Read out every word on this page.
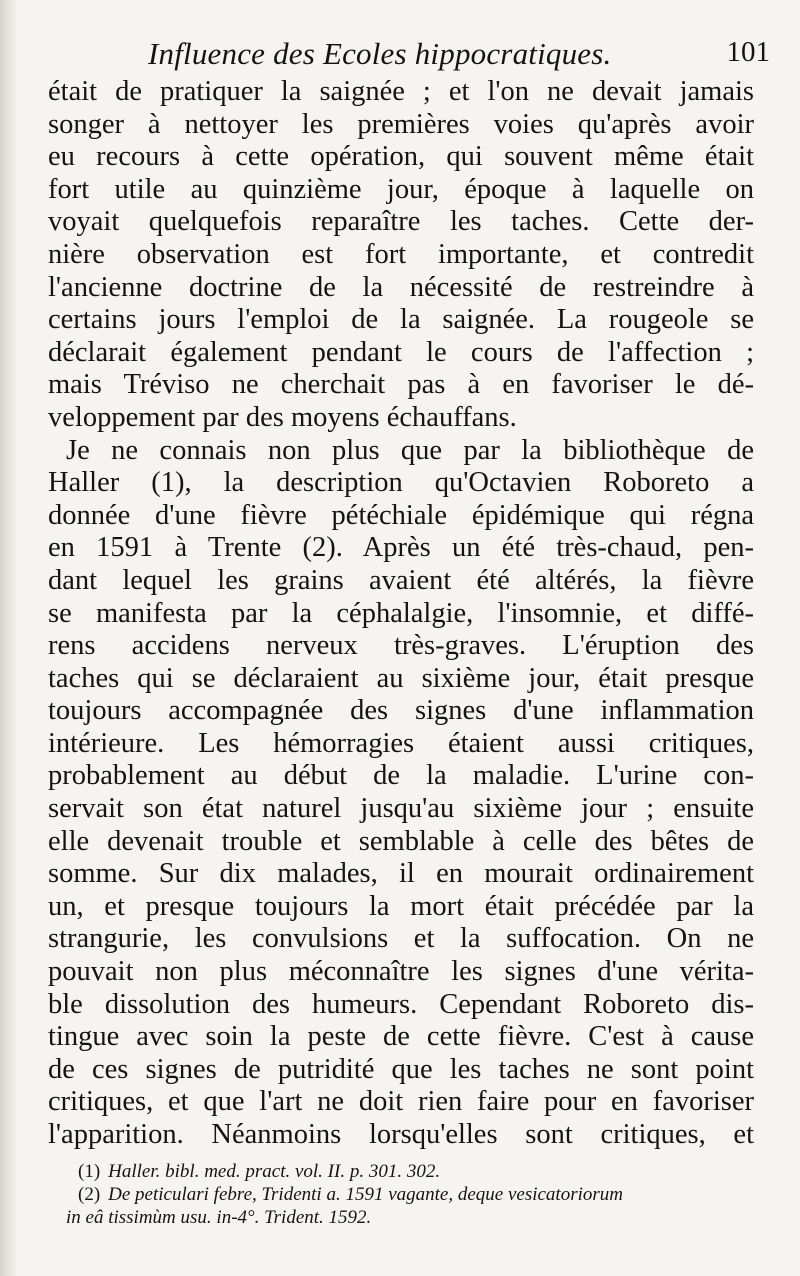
Influence des Ecoles hippocratiques.	101
était de pratiquer la saignée ; et l'on ne devait jamais
songer à nettoyer les premières voies qu'après avoir
eu recours à cette opération, qui souvent même était
fort utile au quinzième jour, époque à laquelle on
voyait quelquefois reparaître les taches. Cette der-
nière observation est fort importante, et contredit
l'ancienne doctrine de la nécessité de restreindre à
certains jours l'emploi de la saignée. La rougeole se
déclarait également pendant le cours de l'affection ;
mais Tréviso ne cherchait pas à en favoriser le dé-
veloppement par des moyens échauffans.
Je ne connais non plus que par la bibliothèque de
Haller (1), la description qu'Octavien Roboreto a
donnée d'une fièvre pétéchiale épidémique qui régna
en 1591 à Trente (2). Après un été très-chaud, pen-
dant lequel les grains avaient été altérés, la fièvre
se manifesta par la céphalalgie, l'insomnie, et diffé-
rens accidens nerveux très-graves. L'éruption des
taches qui se déclaraient au sixième jour, était presque
toujours accompagnée des signes d'une inflammation
intérieure. Les hémorragies étaient aussi critiques,
probablement au début de la maladie. L'urine con-
servait son état naturel jusqu'au sixième jour ; ensuite
elle devenait trouble et semblable à celle des bêtes de
somme. Sur dix malades, il en mourait ordinairement
un, et presque toujours la mort était précédée par la
strangurie, les convulsions et la suffocation. On ne
pouvait non plus méconnaître les signes d'une vérita-
ble dissolution des humeurs. Cependant Roboreto dis-
tingue avec soin la peste de cette fièvre. C'est à cause
de ces signes de putridité que les taches ne sont point
critiques, et que l'art ne doit rien faire pour en favoriser
l'apparition. Néanmoins lorsqu'elles sont critiques, et
(1) Haller. bibl. med. pract. vol. II. p. 301. 302.
(2) De peticulari febre, Tridenti a. 1591 vagante, deque vesicatoriorum
in eâ tissimùm usu. in-4°. Trident. 1592.
